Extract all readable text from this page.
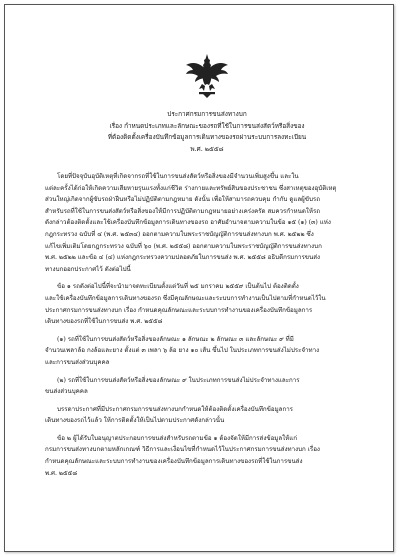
ประกาศกรมการขนส่งทางบก
เรื่อง กำหนดประเภทและลักษณะของรถที่ใช้ในการขนส่งสัตว์หรือสิ่งของ
ที่ต้องติดตั้งเครื่องบันทึกข้อมูลการเดินทางของรถผ่านระบบการลงทะเบียน
พ.ศ. ๒๕๕๘
โดยที่ปัจจุบันอุบัติเหตุที่เกิดจากรถที่ใช้ในการขนส่งสัตว์หรือสิ่งของมีจำนวนเพิ่มสูงขึ้น และใน
แต่ละครั้งได้ก่อให้เกิดความเสียหายรุนแรงทั้งแก่ชีวิต ร่างกายและทรัพย์สินของประชาชน ซึ่งสาเหตุของอุบัติเหตุ
ส่วนใหญ่เกิดจากผู้ขับรถฝ่าฝืนหรือไม่ปฏิบัติตามกฎหมาย ดังนั้น เพื่อให้สามารถควบคุม กำกับ ดูแลผู้ขับรถ
สำหรับรถที่ใช้ในการขนส่งสัตว์หรือสิ่งของให้มีการปฏิบัติตามกฎหมายอย่างเคร่งครัด สมควรกำหนดให้รถ
ดังกล่าวต้องติดตั้งและใช้เครื่องบันทึกข้อมูลการเดินทางของรถ อาศัยอำนาจตามความในข้อ ๑๕ (๑) (๓) แห่ง
กฎกระทรวง ฉบับที่ ๔ (พ.ศ. ๒๕๓๔) ออกตามความในพระราชบัญญัติการขนส่งทางบก พ.ศ. ๒๕๒๒ ซึ่ง
แก้ไขเพิ่มเติมโดยกฎกระทรวง ฉบับที่ ๖๐ (พ.ศ. ๒๕๕๘) ออกตามความในพระราชบัญญัติการขนส่งทางบก
พ.ศ. ๒๕๒๒ และข้อ ๔ (๔) แห่งกฎกระทรวงความปลอดภัยในการขนส่ง พ.ศ. ๒๕๕๘ อธิบดีกรมการขนส่ง
ทางบกออกประกาศไว้ ดังต่อไปนี้
ข้อ ๑ รถดังต่อไปนี้ที่จะนำมาจดทะเบียนตั้งแต่วันที่ ๒๕ มกราคม ๒๕๕๙ เป็นต้นไป ต้องติดตั้ง
และใช้เครื่องบันทึกข้อมูลการเดินทางของรถ ซึ่งมีคุณลักษณะและระบบการทำงานเป็นไปตามที่กำหนดไว้ใน
ประกาศกรมการขนส่งทางบก เรื่อง กำหนดคุณลักษณะและระบบการทำงานของเครื่องบันทึกข้อมูลการ
เดินทางของรถที่ใช้ในการขนส่ง พ.ศ. ๒๕๕๘
(๑) รถที่ใช้ในการขนส่งสัตว์หรือสิ่งของลักษณะ ๑ ลักษณะ ๒ ลักษณะ ๓ และลักษณะ ๙ ที่มี
จำนวนเพลาล้อ กงล้อและยาง ตั้งแต่ ๓ เพลา ๖ ล้อ ยาง ๑๐ เส้น ขึ้นไป ในประเภทการขนส่งไม่ประจำทาง
และการขนส่งส่วนบุคคล
(๒) รถที่ใช้ในการขนส่งสัตว์หรือสิ่งของลักษณะ ๙ ในประเภทการขนส่งไม่ประจำทางและการ
ขนส่งส่วนบุคคล
บรรดาประกาศที่มีประกาศกรมการขนส่งทางบกกำหนดให้ต้องติดตั้งเครื่องบันทึกข้อมูลการ
เดินทางของรถไว้แล้ว ให้การติดตั้งให้เป็นไปตามประกาศดังกล่าวนั้น
ข้อ ๒ ผู้ได้รับใบอนุญาตประกอบการขนส่งสำหรับรถตามข้อ ๑ ต้องจัดให้มีการส่งข้อมูลให้แก่
กรมการขนส่งทางบกตามหลักเกณฑ์ วิธีการและเงื่อนไขที่กำหนดไว้ในประกาศกรมการขนส่งทางบก เรื่อง
กำหนดคุณลักษณะและระบบการทำงานของเครื่องบันทึกข้อมูลการเดินทางของรถที่ใช้ในการขนส่ง
พ.ศ. ๒๕๕๘
